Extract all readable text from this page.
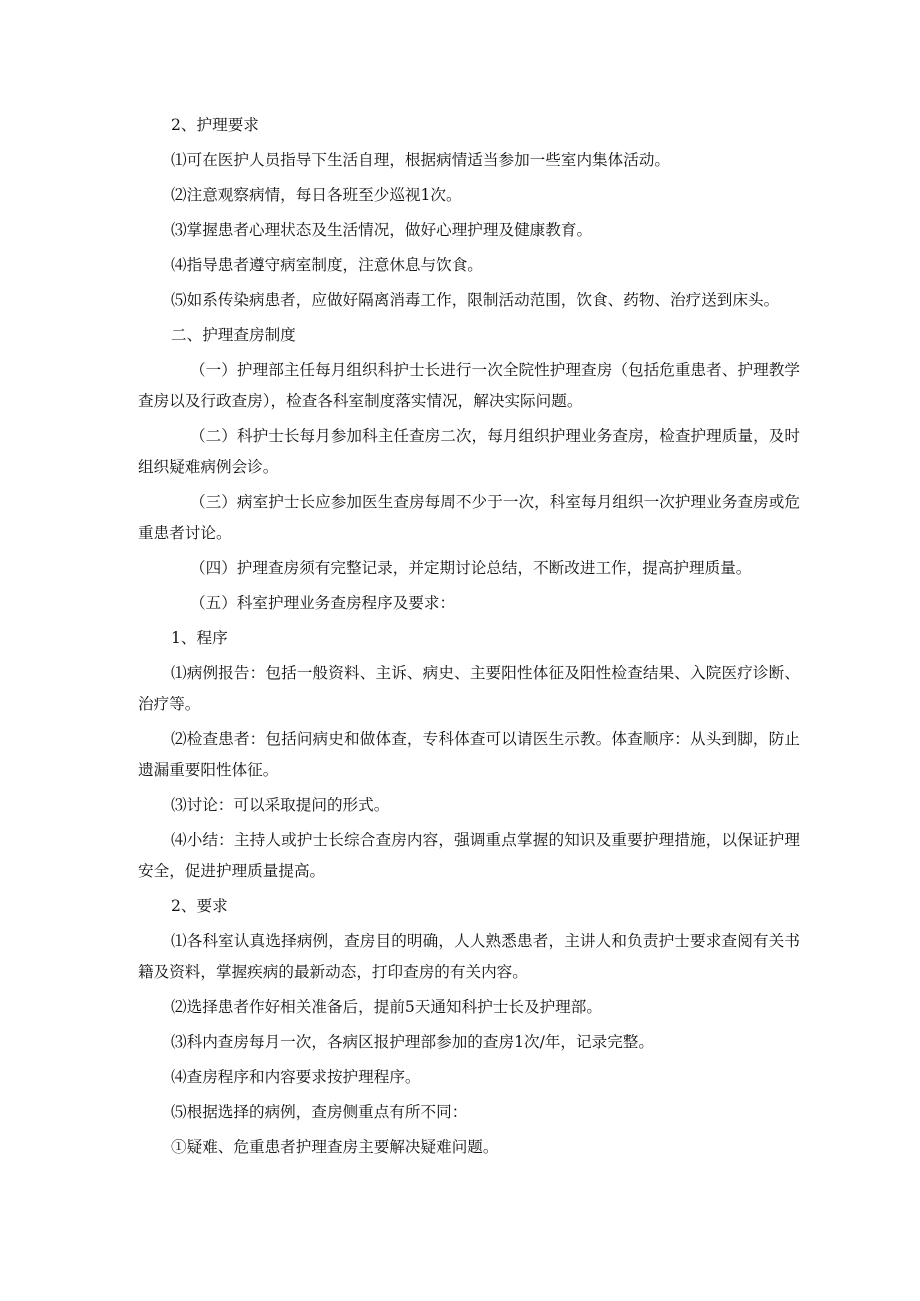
2、护理要求

⑴可在医护人员指导下生活自理，根据病情适当参加一些室内集体活动。

⑵注意观察病情，每日各班至少巡视1次。

⑶掌握患者心理状态及生活情况，做好心理护理及健康教育。

⑷指导患者遵守病室制度，注意休息与饮食。

⑸如系传染病患者，应做好隔离消毒工作，限制活动范围，饮食、药物、治疗送到床头。

二、护理查房制度

（一）护理部主任每月组织科护士长进行一次全院性护理查房（包括危重患者、护理教学查房以及行政查房），检查各科室制度落实情况，解决实际问题。

（二）科护士长每月参加科主任查房二次，每月组织护理业务查房，检查护理质量，及时组织疑难病例会诊。

（三）病室护士长应参加医生查房每周不少于一次，科室每月组织一次护理业务查房或危重患者讨论。

（四）护理查房须有完整记录，并定期讨论总结，不断改进工作，提高护理质量。

（五）科室护理业务查房程序及要求：

1、程序

⑴病例报告：包括一般资料、主诉、病史、主要阳性体征及阳性检查结果、入院医疗诊断、治疗等。

⑵检查患者：包括问病史和做体查，专科体查可以请医生示教。体查顺序：从头到脚，防止遗漏重要阳性体征。

⑶讨论：可以采取提问的形式。

⑷小结：主持人或护士长综合查房内容，强调重点掌握的知识及重要护理措施，以保证护理安全，促进护理质量提高。

2、要求

⑴各科室认真选择病例，查房目的明确，人人熟悉患者，主讲人和负责护士要求查阅有关书籍及资料，掌握疾病的最新动态，打印查房的有关内容。

⑵选择患者作好相关准备后，提前5天通知科护士长及护理部。

⑶科内查房每月一次，各病区报护理部参加的查房1次/年，记录完整。

⑷查房程序和内容要求按护理程序。

⑸根据选择的病例，查房侧重点有所不同：

①疑难、危重患者护理查房主要解决疑难问题。
